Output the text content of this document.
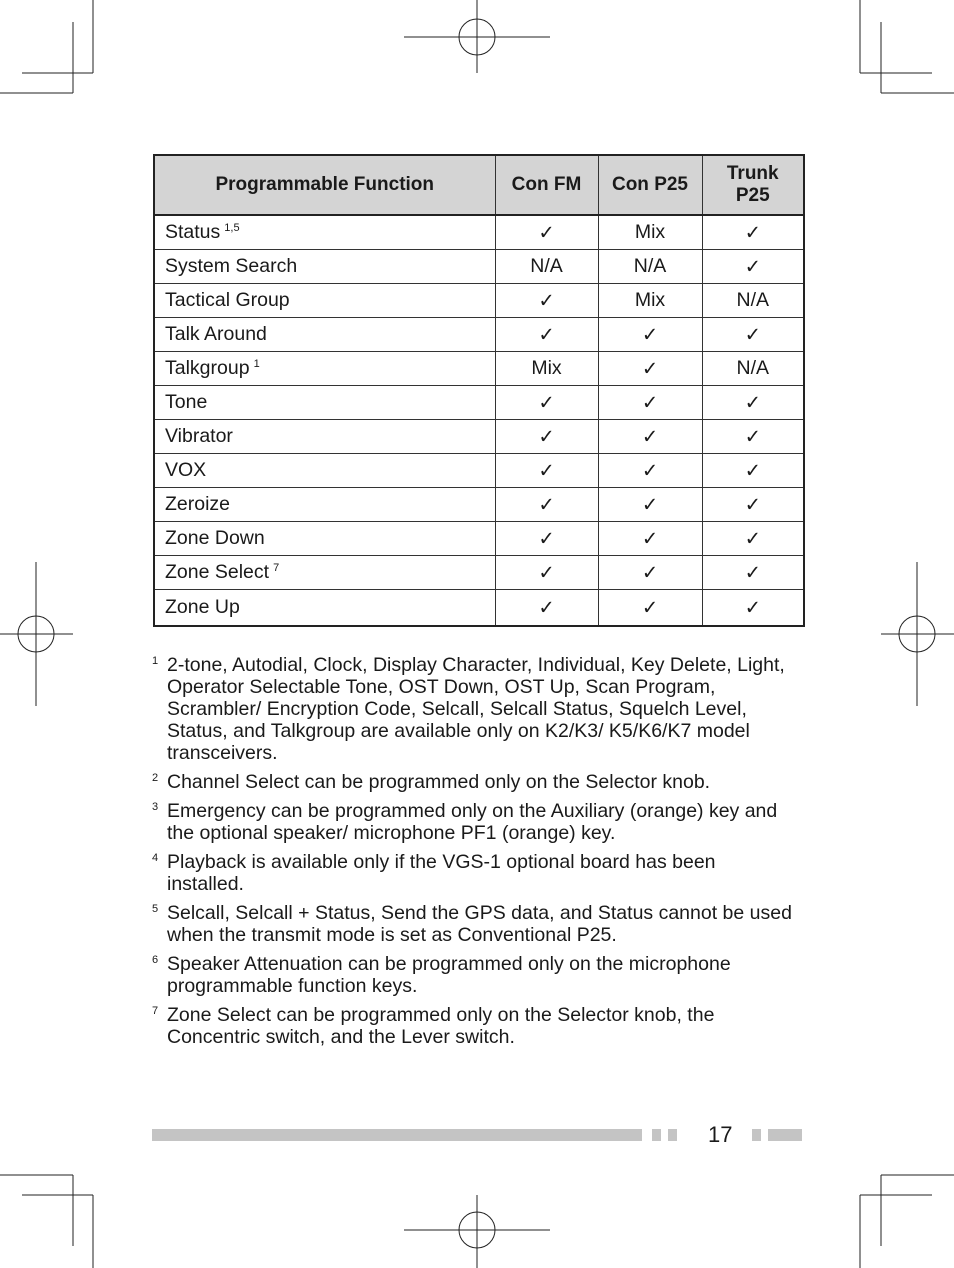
Programmable Function	Con FM	Con P25	Trunk
P25
Status $^{1,5}$	✓	Mix	✓
System Search	N/A	N/A	✓
Tactical Group	✓	Mix	N/A
Talk Around	✓	✓	✓
Talkgroup $^1$	Mix	✓	N/A
Tone	✓	✓	✓
Vibrator	✓	✓	✓
VOX	✓	✓	✓
Zeroize	✓	✓	✓
Zone Down	✓	✓	✓
Zone Select $^7$	✓	✓	✓
Zone Up	✓	✓	✓
1 2-tone, Autodial, Clock, Display Character, Individual, Key Delete, Light, Operator Selectable Tone, OST Down, OST Up, Scan Program, Scrambler/ Encryption Code, Selcall, Selcall Status, Squelch Level, Status, and Talkgroup are available only on K2/K3/ K5/K6/K7 model transceivers.
2 Channel Select can be programmed only on the Selector knob.
3 Emergency can be programmed only on the Auxiliary (orange) key and the optional speaker/ microphone PF1 (orange) key.
4 Playback is available only if the VGS-1 optional board has been installed.
5 Selcall, Selcall + Status, Send the GPS data, and Status cannot be used when the transmit mode is set as Conventional P25.
6 Speaker Attenuation can be programmed only on the microphone programmable function keys.
7 Zone Select can be programmed only on the Selector knob, the Concentric switch, and the Lever switch.
17
